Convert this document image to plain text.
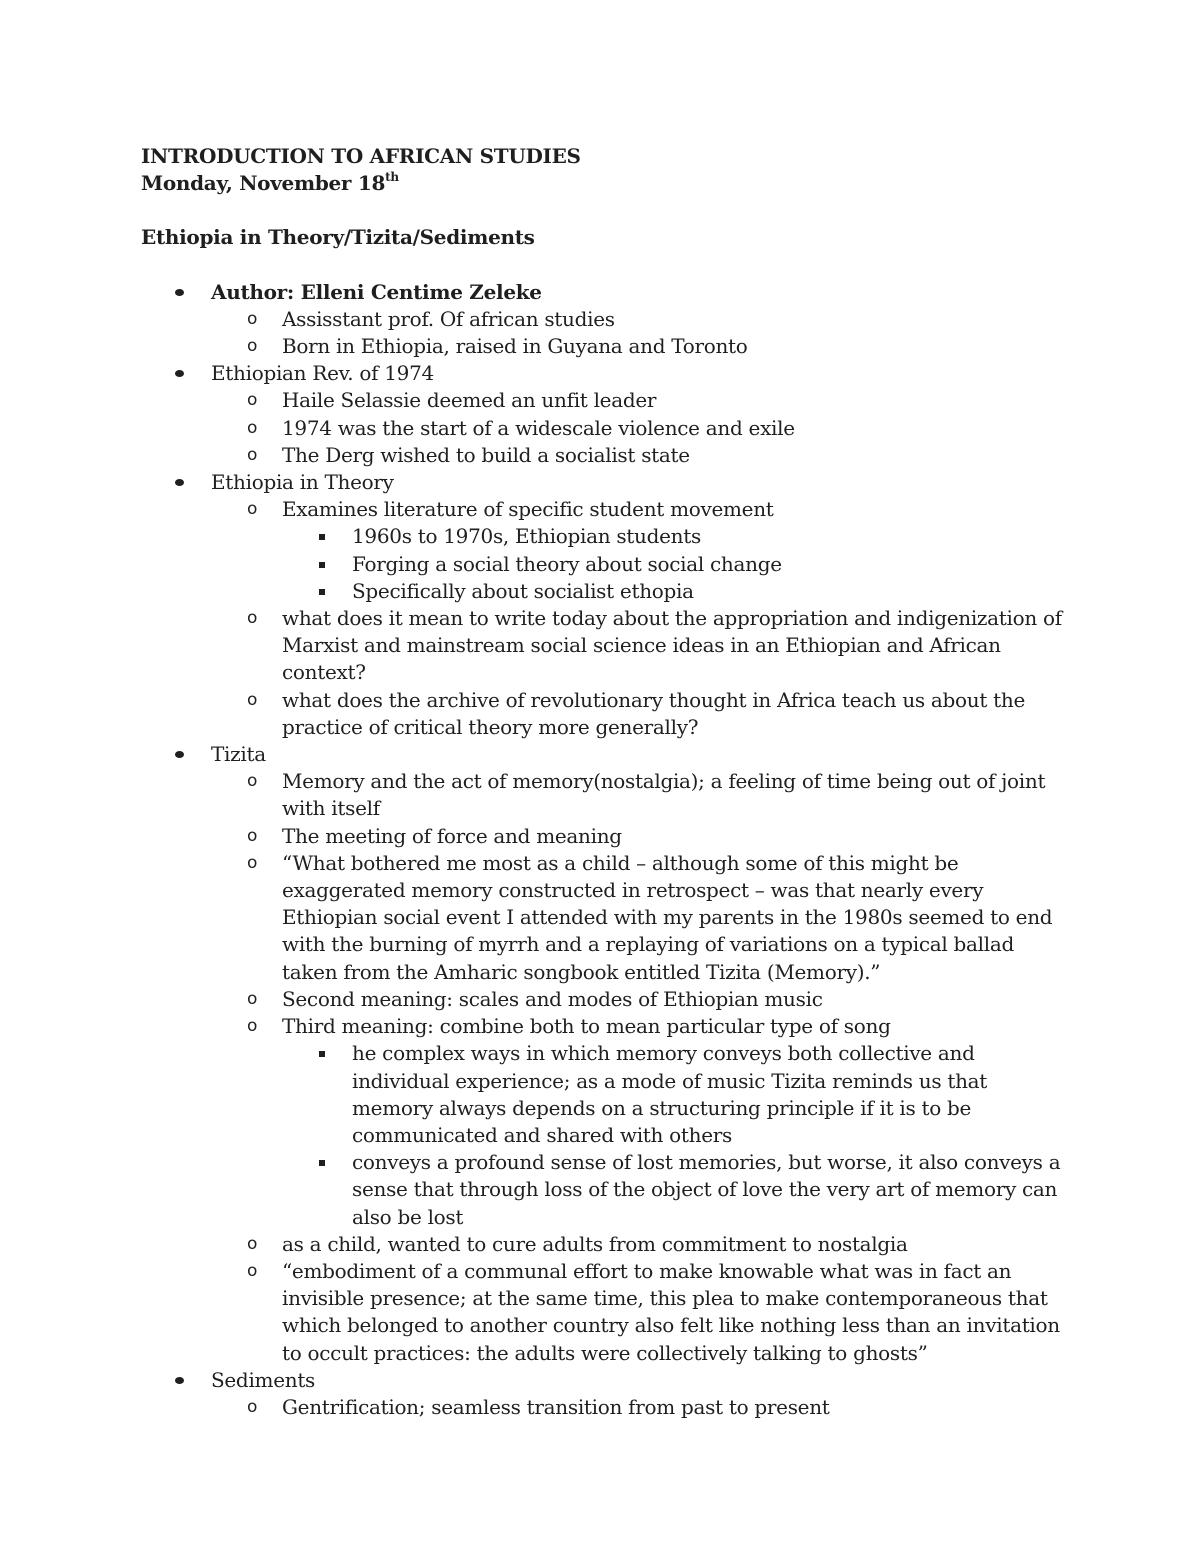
INTRODUCTION TO AFRICAN STUDIES
Monday, November 18th
Ethiopia in Theory/Tizita/Sediments
Author: Elleni Centime Zeleke
o Assisstant prof. Of african studies
o Born in Ethiopia, raised in Guyana and Toronto
Ethiopian Rev. of 1974
o Haile Selassie deemed an unfit leader
o 1974 was the start of a widescale violence and exile
o The Derg wished to build a socialist state
Ethiopia in Theory
o Examines literature of specific student movement
1960s to 1970s, Ethiopian students
Forging a social theory about social change
Specifically about socialist ethopia
o what does it mean to write today about the appropriation and indigenization of Marxist and mainstream social science ideas in an Ethiopian and African context?
o what does the archive of revolutionary thought in Africa teach us about the practice of critical theory more generally?
Tizita
o Memory and the act of memory(nostalgia); a feeling of time being out of joint with itself
o The meeting of force and meaning
o “What bothered me most as a child – although some of this might be exaggerated memory constructed in retrospect – was that nearly every Ethiopian social event I attended with my parents in the 1980s seemed to end with the burning of myrrh and a replaying of variations on a typical ballad taken from the Amharic songbook entitled Tizita (Memory).”
o Second meaning: scales and modes of Ethiopian music
o Third meaning: combine both to mean particular type of song
he complex ways in which memory conveys both collective and individual experience; as a mode of music Tizita reminds us that memory always depends on a structuring principle if it is to be communicated and shared with others
conveys a profound sense of lost memories, but worse, it also conveys a sense that through loss of the object of love the very art of memory can also be lost
o as a child, wanted to cure adults from commitment to nostalgia
o “embodiment of a communal effort to make knowable what was in fact an invisible presence; at the same time, this plea to make contemporaneous that which belonged to another country also felt like nothing less than an invitation to occult practices: the adults were collectively talking to ghosts”
Sediments
o Gentrification; seamless transition from past to present
